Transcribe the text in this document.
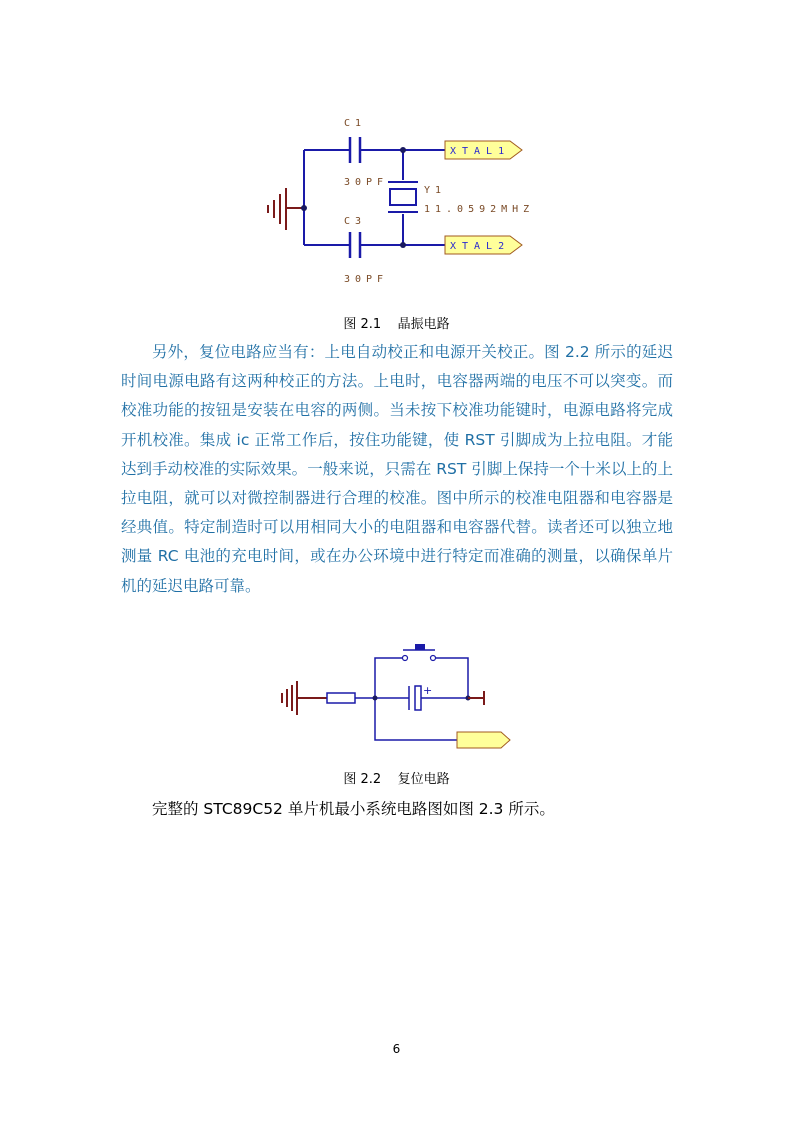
XTAL1
XTAL2
C1
30PF
C3
30PF
Y1
11.0592MHZ
图 2.1    晶振电路

另外，复位电路应当有：上电自动校正和电源开关校正。图 2.2 所示的延迟时间电源电路有这两种校正的方法。上电时，电容器两端的电压不可以突变。而校准功能的按钮是安装在电容的两侧。当未按下校准功能键时，电源电路将完成开机校准。集成 ic 正常工作后，按住功能键，使 RST 引脚成为上拉电阻。才能达到手动校准的实际效果。一般来说，只需在 RST 引脚上保持一个十米以上的上拉电阻，就可以对微控制器进行合理的校准。图中所示的校准电阻器和电容器是经典值。特定制造时可以用相同大小的电阻器和电容器代替。读者还可以独立地测量 RC 电池的充电时间，或在办公环境中进行特定而准确的测量，以确保单片机的延迟电路可靠。

+
图 2.2    复位电路

完整的 STC89C52 单片机最小系统电路图如图 2.3 所示。

6
